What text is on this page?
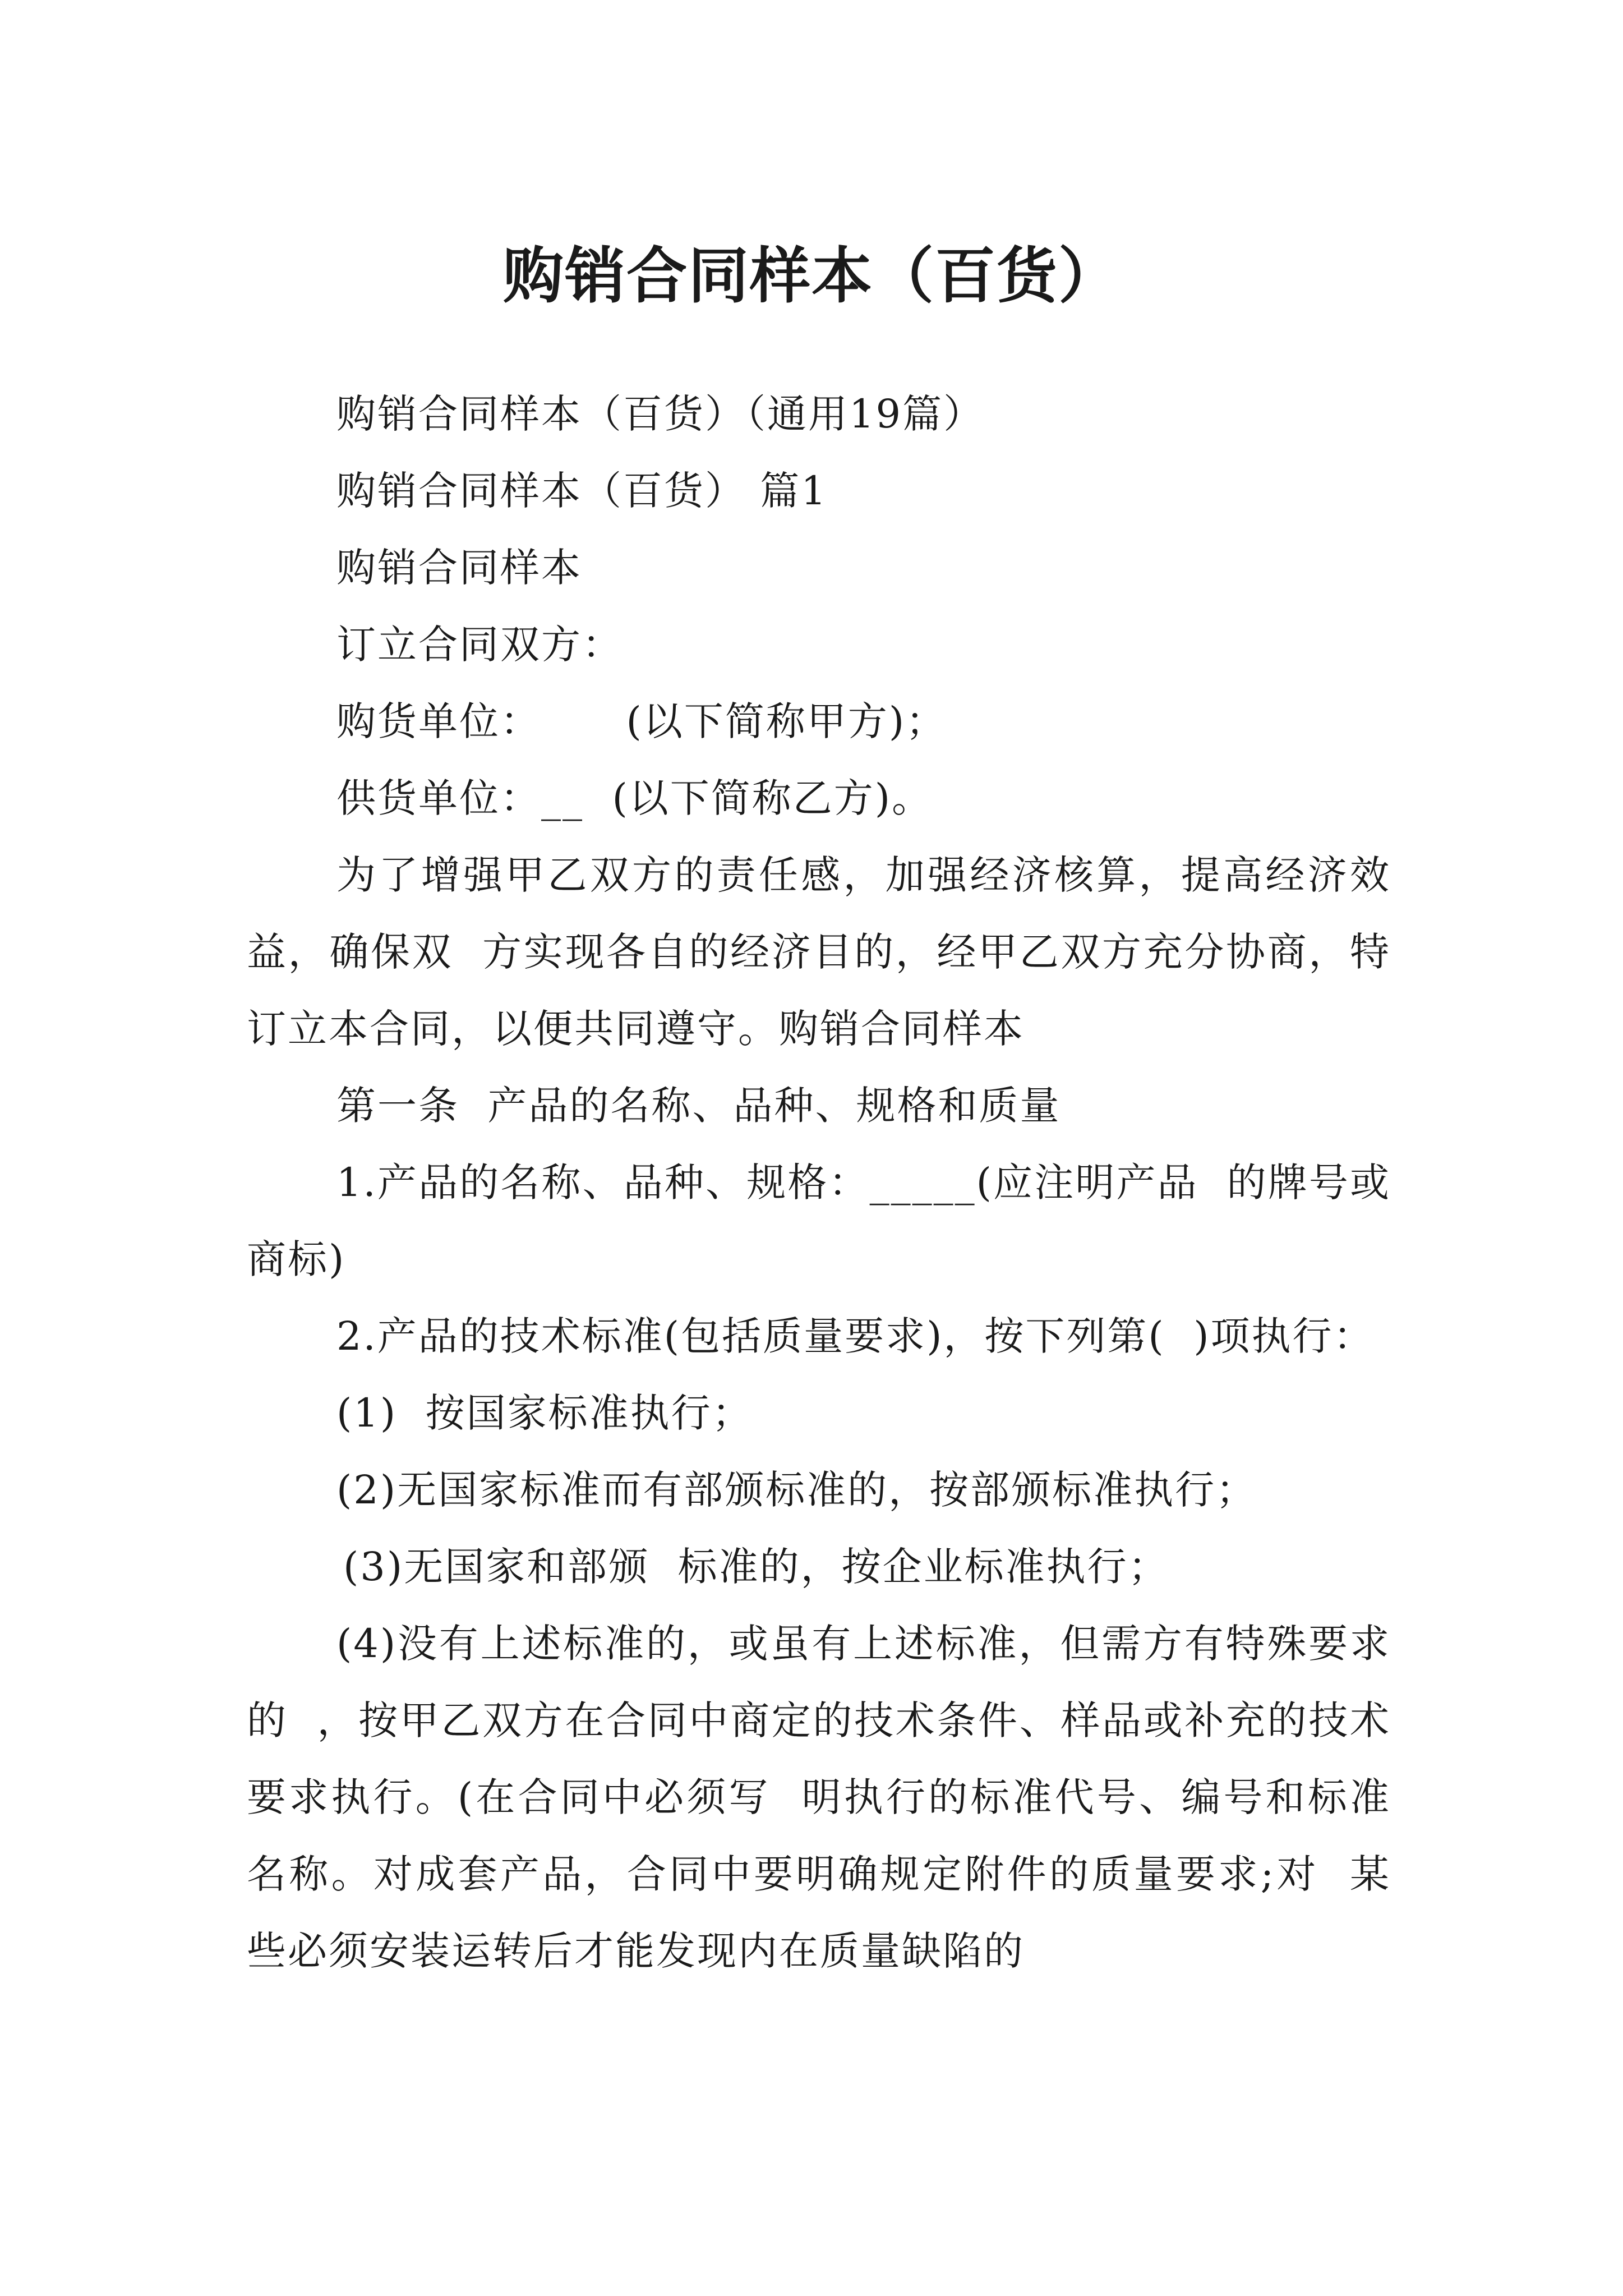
购销合同样本（百货）

购销合同样本（百货）（通用19篇）

购销合同样本（百货） 篇1

购销合同样本

订立合同双方：

购货单位：      (以下简称甲方)；

供货单位：__  (以下简称乙方)。

为了增强甲乙双方的责任感，加强经济核算，提高经济效益，确保双  方实现各自的经济目的，经甲乙双方充分协商，特订立本合同，以便共同遵守。购销合同样本

第一条  产品的名称、品种、规格和质量

1.产品的名称、品种、规格：_____(应注明产品  的牌号或商标)

2.产品的技术标准(包括质量要求)，按下列第(  )项执行：

(1)  按国家标准执行；

(2)无国家标准而有部颁标准的，按部颁标准执行；

(3)无国家和部颁  标准的，按企业标准执行；

(4)没有上述标准的，或虽有上述标准，但需方有特殊要求的  ，按甲乙双方在合同中商定的技术条件、样品或补充的技术要求执行。(在合同中必须写  明执行的标准代号、编号和标准名称。对成套产品，合同中要明确规定附件的质量要求;对  某些必须安装运转后才能发现内在质量缺陷的
